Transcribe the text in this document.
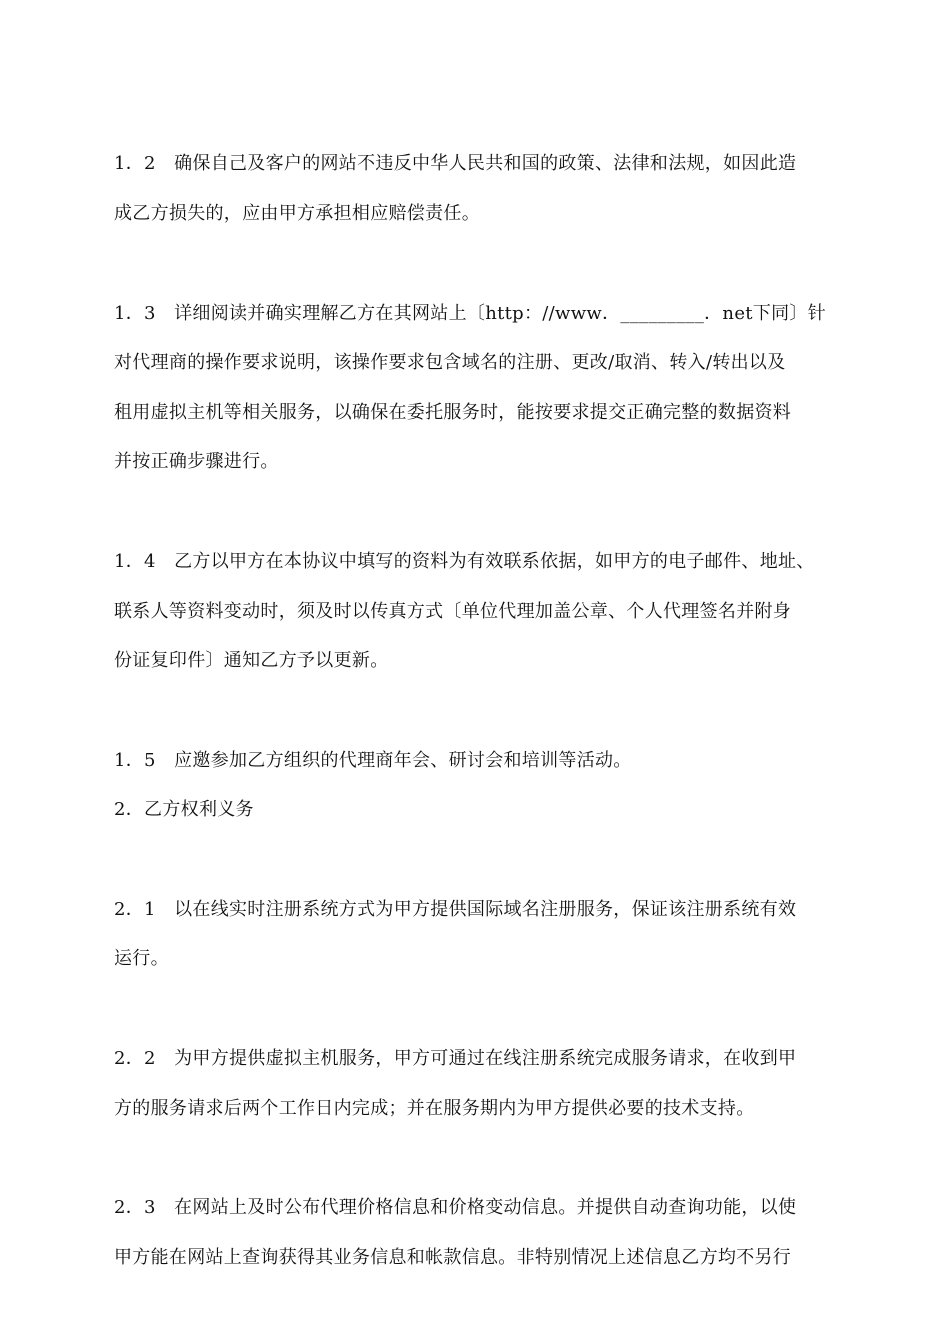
1．2　确保自己及客户的网站不违反中华人民共和国的政策、法律和法规，如因此造
成乙方损失的，应由甲方承担相应赔偿责任。
1．3　详细阅读并确实理解乙方在其网站上〔http：//www．_________．net下同〕针
对代理商的操作要求说明，该操作要求包含域名的注册、更改/取消、转入/转出以及
租用虚拟主机等相关服务，以确保在委托服务时，能按要求提交正确完整的数据资料
并按正确步骤进行。
1．4　乙方以甲方在本协议中填写的资料为有效联系依据，如甲方的电子邮件、地址、
联系人等资料变动时，须及时以传真方式〔单位代理加盖公章、个人代理签名并附身
份证复印件〕通知乙方予以更新。
1．5　应邀参加乙方组织的代理商年会、研讨会和培训等活动。
2．乙方权利义务
2．1　以在线实时注册系统方式为甲方提供国际域名注册服务，保证该注册系统有效
运行。
2．2　为甲方提供虚拟主机服务，甲方可通过在线注册系统完成服务请求，在收到甲
方的服务请求后两个工作日内完成；并在服务期内为甲方提供必要的技术支持。
2．3　在网站上及时公布代理价格信息和价格变动信息。并提供自动查询功能，以使
甲方能在网站上查询获得其业务信息和帐款信息。非特别情况上述信息乙方均不另行
